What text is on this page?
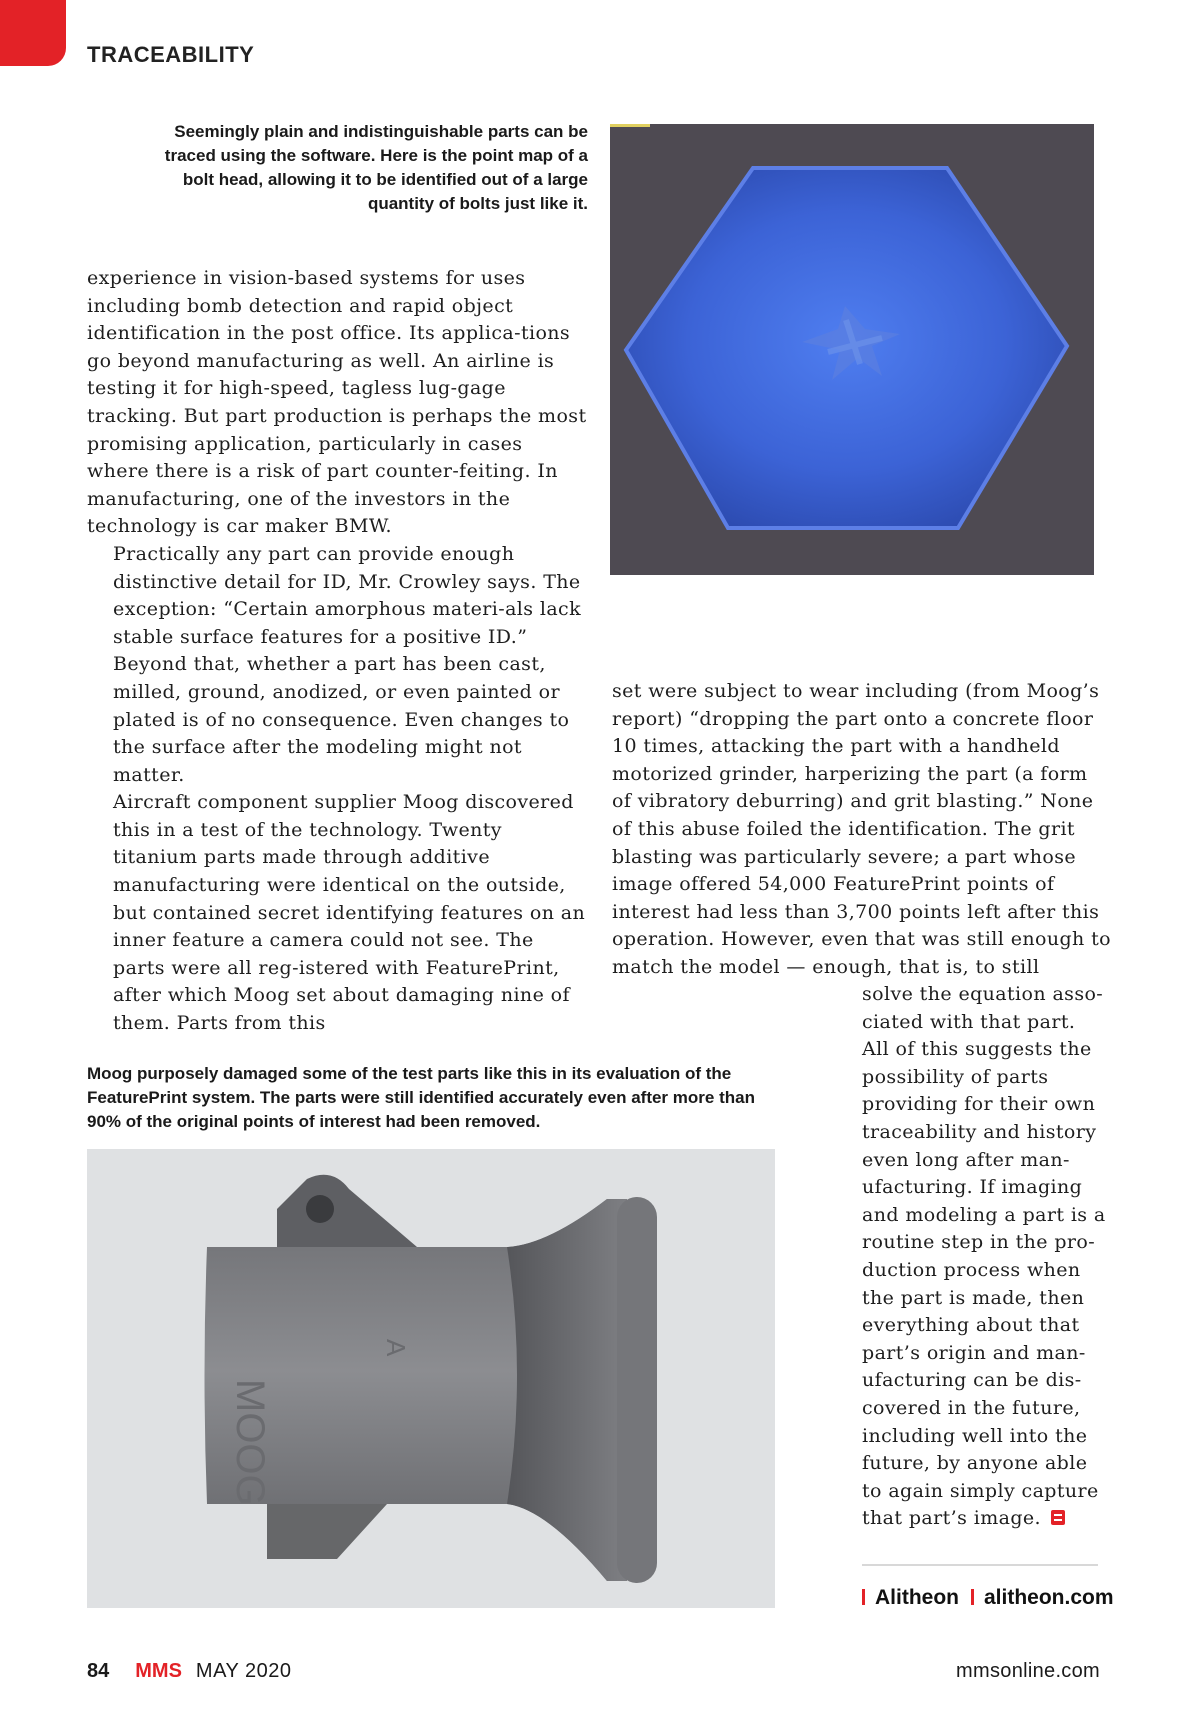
TRACEABILITY
Seemingly plain and indistinguishable parts can be traced using the software. Here is the point map of a bolt head, allowing it to be identified out of a large quantity of bolts just like it.

experience in vision-based systems for uses including bomb detection and rapid object identification in the post office. Its applica-tions go beyond manufacturing as well. An airline is testing it for high-speed, tagless lug-gage tracking. But part production is perhaps the most promising application, particularly in cases where there is a risk of part counter-feiting. In manufacturing, one of the investors in the technology is car maker BMW.

Practically any part can provide enough distinctive detail for ID, Mr. Crowley says. The exception: “Certain amorphous materi-als lack stable surface features for a positive ID.” Beyond that, whether a part has been cast, milled, ground, anodized, or even painted or plated is of no consequence. Even changes to the surface after the modeling might not matter.

Aircraft component supplier Moog discovered this in a test of the technology. Twenty titanium parts made through additive manufacturing were identical on the outside, but contained secret identifying features on an inner feature a camera could not see. The parts were all reg-istered with FeaturePrint, after which Moog set about damaging nine of them. Parts from this

set were subject to wear including (from Moog’s report) “dropping the part onto a concrete floor 10 times, attacking the part with a handheld motorized grinder, harperizing the part (a form of vibratory deburring) and grit blasting.” None of this abuse foiled the identification. The grit blasting was particularly severe; a part whose image offered 54,000 FeaturePrint points of interest had less than 3,700 points left after this operation. However, even that was still enough to match the model — enough, that is, to still

solve the equation asso-ciated with that part. All of this suggests the possibility of parts providing for their own traceability and history even long after man-ufacturing. If imaging and modeling a part is a routine step in the pro-duction process when the part is made, then everything about that part’s origin and man-ufacturing can be dis-covered in the future, including well into the future, by anyone able to again simply capture that part’s image.

Moog purposely damaged some of the test parts like this in its evaluation of the FeaturePrint system. The parts were still identified accurately even after more than 90% of the original points of interest had been removed.
MOOG
A
Alitheon alitheon.com
84 MMS MAY 2020	mmsonline.com
